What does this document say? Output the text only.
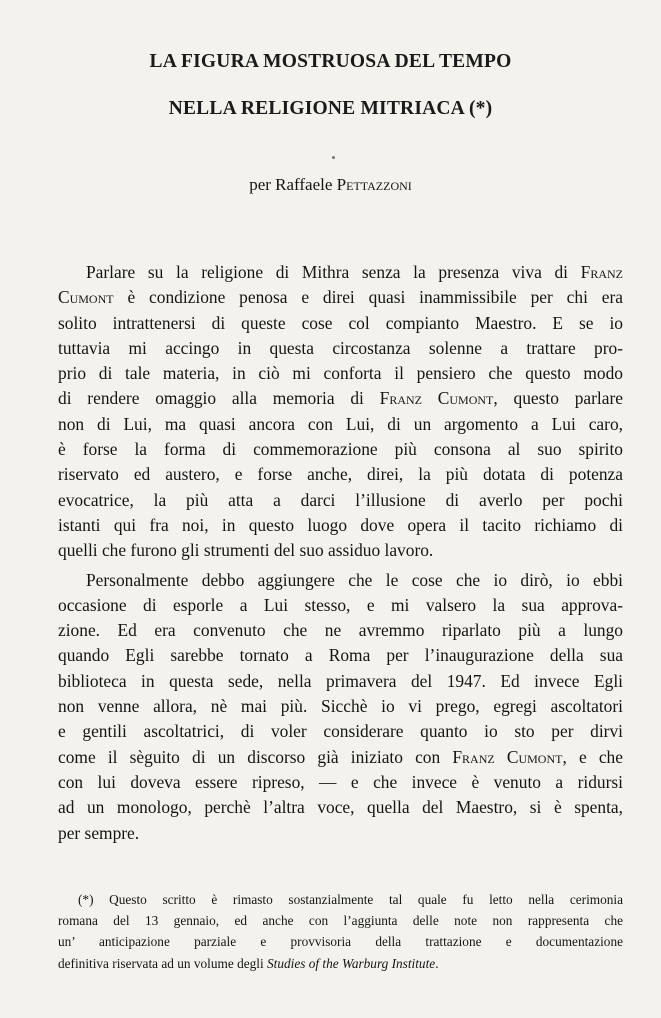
LA FIGURA MOSTRUOSA DEL TEMPO
NELLA RELIGIONE MITRIACA (*)

per Raffaele Pettazzoni

Parlare su la religione di Mithra senza la presenza viva di Franz
Cumont è condizione penosa e direi quasi inammissibile per chi era
solito intrattenersi di queste cose col compianto Maestro. E se io
tuttavia mi accingo in questa circostanza solenne a trattare pro-
prio di tale materia, in ciò mi conforta il pensiero che questo modo
di rendere omaggio alla memoria di Franz Cumont, questo parlare
non di Lui, ma quasi ancora con Lui, di un argomento a Lui caro,
è forse la forma di commemorazione più consona al suo spirito
riservato ed austero, e forse anche, direi, la più dotata di potenza
evocatrice, la più atta a darci l’illusione di averlo per pochi
istanti qui fra noi, in questo luogo dove opera il tacito richiamo di
quelli che furono gli strumenti del suo assiduo lavoro.
Personalmente debbo aggiungere che le cose che io dirò, io ebbi
occasione di esporle a Lui stesso, e mi valsero la sua approva-
zione. Ed era convenuto che ne avremmo riparlato più a lungo
quando Egli sarebbe tornato a Roma per l’inaugurazione della sua
biblioteca in questa sede, nella primavera del 1947. Ed invece Egli
non venne allora, nè mai più. Sicchè io vi prego, egregi ascoltatori
e gentili ascoltatrici, di voler considerare quanto io sto per dirvi
come il sèguito di un discorso già iniziato con Franz Cumont, e che
con lui doveva essere ripreso, — e che invece è venuto a ridursi
ad un monologo, perchè l’altra voce, quella del Maestro, si è spenta,
per sempre.
(*) Questo scritto è rimasto sostanzialmente tal quale fu letto nella cerimonia
romana del 13 gennaio, ed anche con l’aggiunta delle note non rappresenta che
un’ anticipazione parziale e provvisoria della trattazione e documentazione
definitiva riservata ad un volume degli Studies of the Warburg Institute.
